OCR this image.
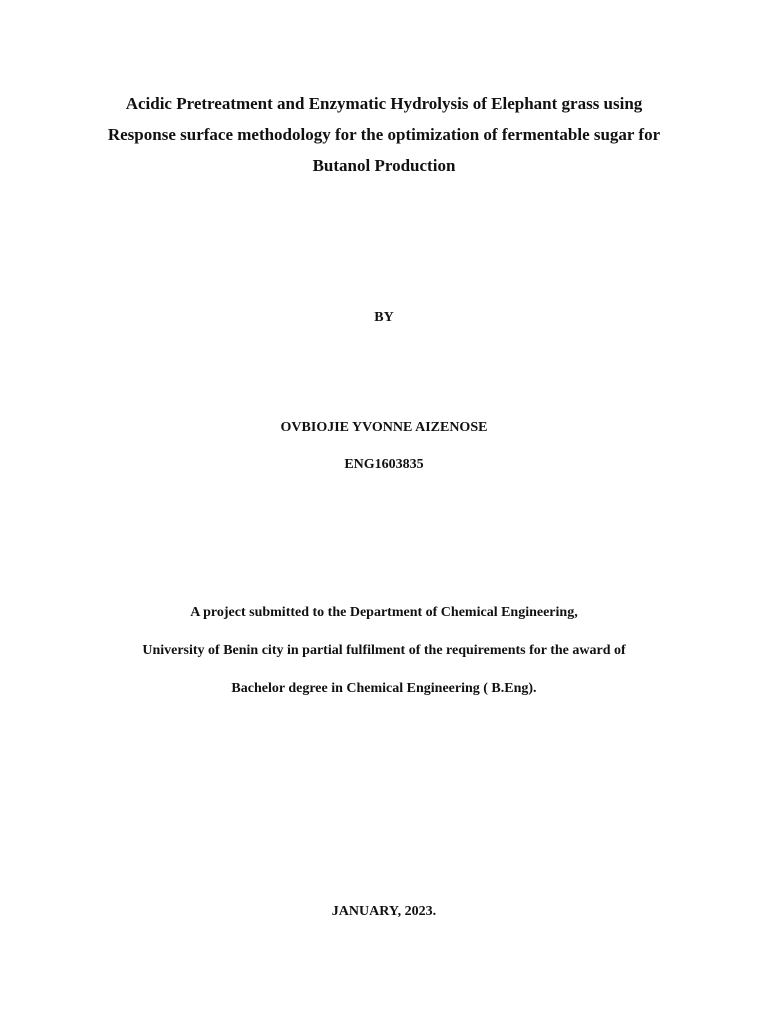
Acidic Pretreatment and Enzymatic Hydrolysis of Elephant grass using
Response surface methodology for the optimization of fermentable sugar for
Butanol Production
BY
OVBIOJIE YVONNE AIZENOSE
ENG1603835
A project submitted to the Department of Chemical Engineering,
University of Benin city in partial fulfilment of the requirements for the award of
Bachelor degree in Chemical Engineering ( B.Eng).
JANUARY, 2023.
